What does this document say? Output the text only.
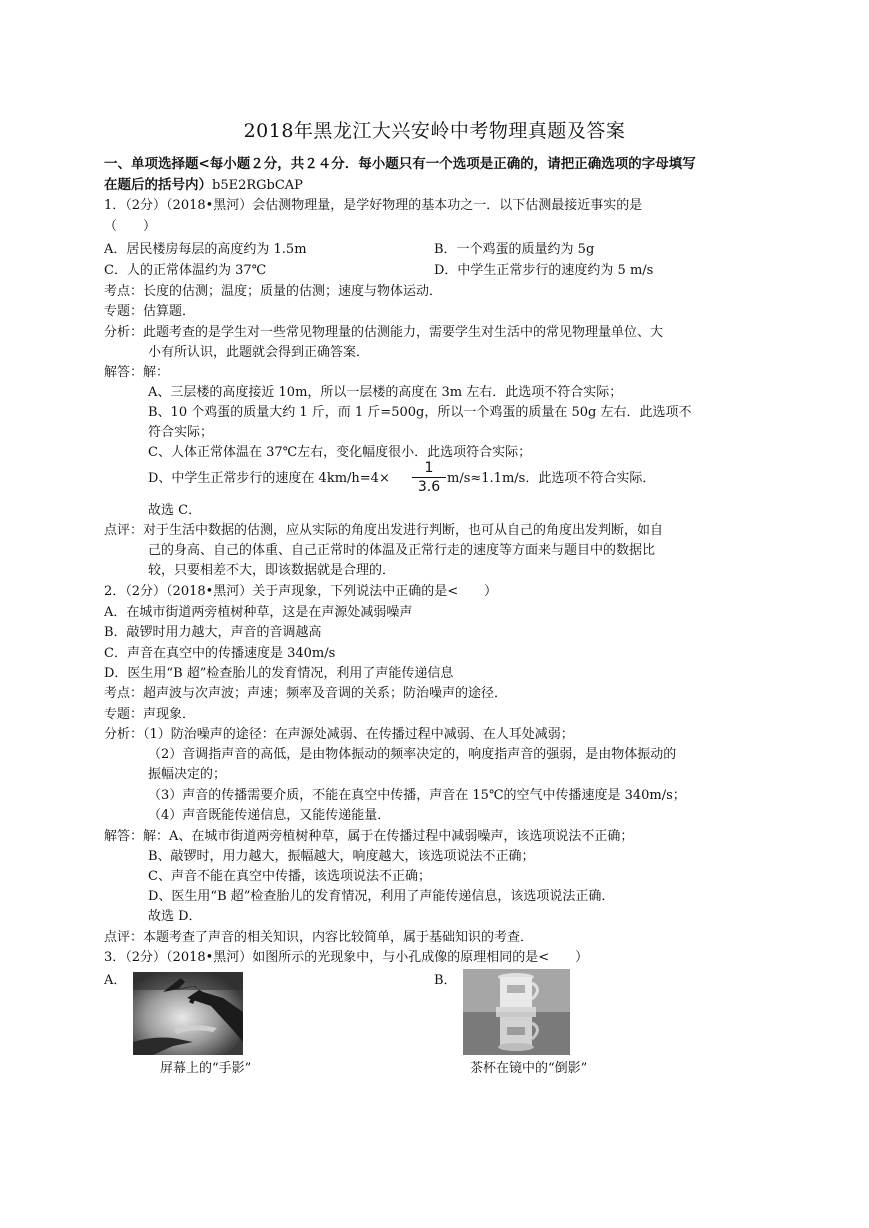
2018年黑龙江大兴安岭中考物理真题及答案
一、单项选择题<每小题２分，共２４分．每小题只有一个选项是正确的，请把正确选项的字母填写
在题后的括号内）b5E2RGbCAP
1．（2分）（2018•黑河）会估测物理量，是学好物理的基本功之一．以下估测最接近事实的是
（　　）
A．居民楼房每层的高度约为 1.5m	B．一个鸡蛋的质量约为 5g
C．人的正常体温约为 37℃	D．中学生正常步行的速度约为 5 m/s
考点：长度的估测；温度；质量的估测；速度与物体运动．
专题：估算题．
分析：此题考查的是学生对一些常见物理量的估测能力，需要学生对生活中的常见物理量单位、大
小有所认识，此题就会得到正确答案．
解答：解：
A、三层楼的高度接近 10m，所以一层楼的高度在 3m 左右．此选项不符合实际；
B、10 个鸡蛋的质量大约 1 斤，而 1 斤=500g，所以一个鸡蛋的质量在 50g 左右．此选项不
符合实际；
C、人体正常体温在 37℃左右，变化幅度很小．此选项符合实际；
D、中学生正常步行的速度在 4km/h=4×
1
3.6
m/s≈1.1m/s．此选项不符合实际．
故选 C．
点评：对于生活中数据的估测，应从实际的角度出发进行判断，也可从自己的角度出发判断，如自
己的身高、自己的体重、自己正常时的体温及正常行走的速度等方面来与题目中的数据比
较，只要相差不大，即该数据就是合理的．
2．（2分）（2018•黑河）关于声现象，下列说法中正确的是<　　）
A．在城市街道两旁植树种草，这是在声源处减弱噪声
B．敲锣时用力越大，声音的音调越高
C．声音在真空中的传播速度是 340m/s
D．医生用“B 超”检查胎儿的发育情况，利用了声能传递信息
考点：超声波与次声波；声速；频率及音调的关系；防治噪声的途径．
专题：声现象．
分析：（1）防治噪声的途径：在声源处减弱、在传播过程中减弱、在人耳处减弱；
（2）音调指声音的高低，是由物体振动的频率决定的，响度指声音的强弱，是由物体振动的
振幅决定的；
（3）声音的传播需要介质，不能在真空中传播，声音在 15℃的空气中传播速度是 340m/s；
（4）声音既能传递信息，又能传递能量．
解答：解：A、在城市街道两旁植树种草，属于在传播过程中减弱噪声，该选项说法不正确；
B、敲锣时，用力越大，振幅越大，响度越大，该选项说法不正确；
C、声音不能在真空中传播，该选项说法不正确；
D、医生用“B 超”检查胎儿的发育情况，利用了声能传递信息，该选项说法正确．
故选 D．
点评：本题考查了声音的相关知识，内容比较简单，属于基础知识的考查．
3．（2分）（2018•黑河）如图所示的光现象中，与小孔成像的原理相同的是<　　）
A．	B．
屏幕上的“手影”	茶杯在镜中的“倒影”
